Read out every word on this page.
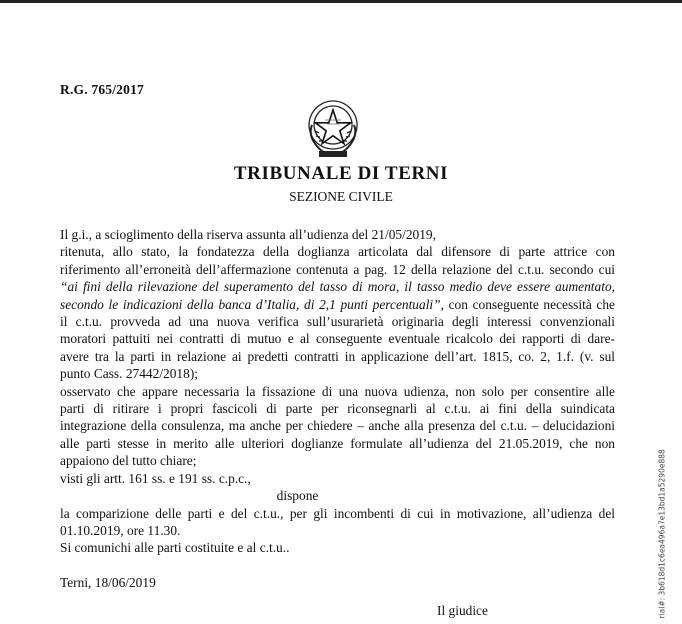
R.G. 765/2017
TRIBUNALE DI TERNI
SEZIONE CIVILE

Il g.i., a scioglimento della riserva assunta all’udienza del 21/05/2019,

ritenuta, allo stato, la fondatezza della doglianza articolata dal difensore di parte attrice con

riferimento all’erroneità dell’affermazione contenuta a pag. 12 della relazione del c.t.u. secondo cui

“ai fini della rilevazione del superamento del tasso di mora, il tasso medio deve essere aumentato,

secondo le indicazioni della banca d’Italia, di 2,1 punti percentuali”, con conseguente necessità che

il c.t.u. provveda ad una nuova verifica sull’usurarietà originaria degli interessi convenzionali

moratori pattuiti nei contratti di mutuo e al conseguente eventuale ricalcolo dei rapporti di dare-

avere tra la parti in relazione ai predetti contratti in applicazione dell’art. 1815, co. 2, 1.f. (v. sul

punto Cass. 27442/2018);

osservato che appare necessaria la fissazione di una nuova udienza, non solo per consentire alle

parti di ritirare i propri fascicoli di parte per riconsegnarli al c.t.u. ai fini della suindicata

integrazione della consulenza, ma anche per chiedere – anche alla presenza del c.t.u. – delucidazioni

alle parti stesse in merito alle ulteriori doglianze formulate all’udienza del 21.05.2019, che non

appaiono del tutto chiare;

visti gli artt. 161 ss. e 191 ss. c.p.c.,

dispone

la comparizione delle parti e del c.t.u., per gli incombenti di cui in motivazione, all’udienza del

01.10.2019, ore 11.30.

Si comunichi alle parti costituite e al c.t.u..

Terni, 18/06/2019

Il giudice	rial#: 3b618d1c6ea496a7e13bd1a5290e888
